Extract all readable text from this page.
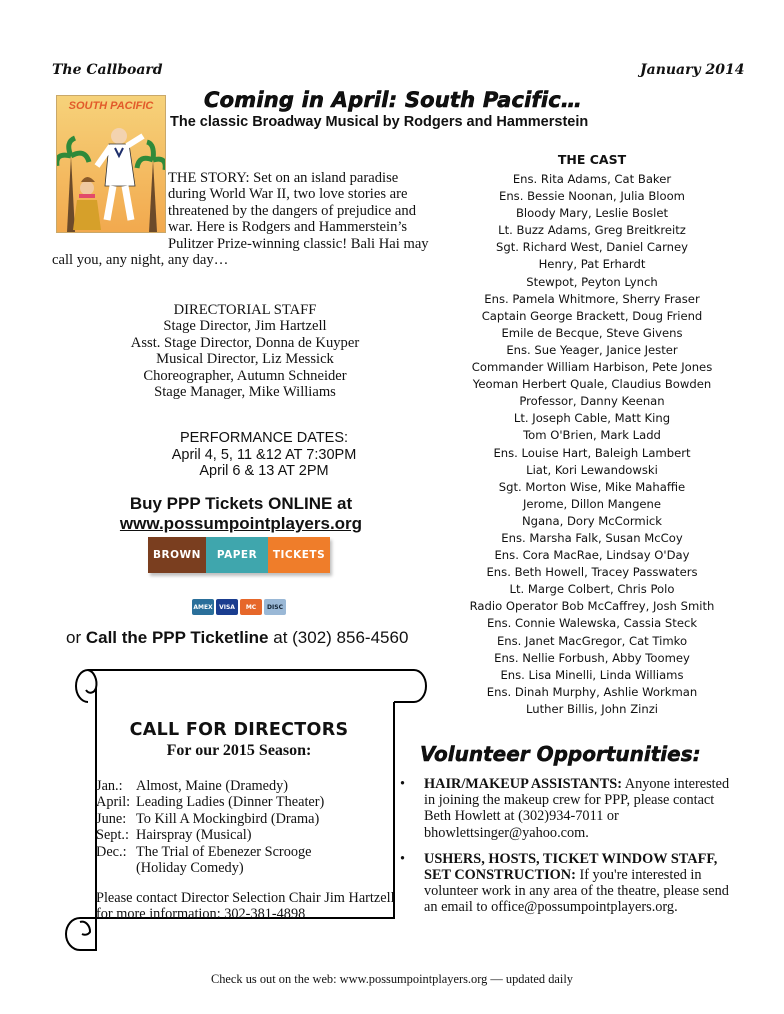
The Callboard	January 2014
Coming in April: South Pacific…
The classic Broadway Musical by Rodgers and Hammerstein
SOUTH PACIFIC
THE STORY: Set on an island paradise during World War II, two love stories are threatened by the dangers of prejudice and war. Here is Rodgers and Hammerstein’s Pulitzer Prize-winning classic! Bali Hai may call you, any night, any day…
DIRECTORIAL STAFF
Stage Director, Jim Hartzell
Asst. Stage Director, Donna de Kuyper
Musical Director, Liz Messick
Choreographer, Autumn Schneider
Stage Manager, Mike Williams
PERFORMANCE DATES:
April 4, 5, 11 &12 AT 7:30PM
April 6 & 13 AT 2PM
Buy PPP Tickets ONLINE at
www.possumpointplayers.org
BROWN	PAPER	TICKETS
AMEX	VISA	MC	DISC
or Call the PPP Ticketline at (302) 856-4560
CALL FOR DIRECTORS
For our 2015 Season:
Jan.:	Almost, Maine (Dramedy)
April:	Leading Ladies (Dinner Theater)
June:	To Kill A Mockingbird (Drama)
Sept.:	Hairspray (Musical)
Dec.:	The Trial of Ebenezer Scrooge
	(Holiday Comedy)
Please contact Director Selection Chair Jim Hartzell for more information: 302-381-4898
THE CAST
Ens. Rita Adams, Cat Baker
Ens. Bessie Noonan, Julia Bloom
Bloody Mary, Leslie Boslet
Lt. Buzz Adams, Greg Breitkreitz
Sgt. Richard West, Daniel Carney
Henry, Pat Erhardt
Stewpot, Peyton Lynch
Ens. Pamela Whitmore, Sherry Fraser
Captain George Brackett, Doug Friend
Emile de Becque, Steve Givens
Ens. Sue Yeager, Janice Jester
Commander William Harbison, Pete Jones
Yeoman Herbert Quale, Claudius Bowden
Professor, Danny Keenan
Lt. Joseph Cable, Matt King
Tom O'Brien, Mark Ladd
Ens. Louise Hart, Baleigh Lambert
Liat, Kori Lewandowski
Sgt. Morton Wise, Mike Mahaffie
Jerome, Dillon Mangene
Ngana, Dory McCormick
Ens. Marsha Falk, Susan McCoy
Ens. Cora MacRae, Lindsay O'Day
Ens. Beth Howell, Tracey Passwaters
Lt. Marge Colbert, Chris Polo
Radio Operator Bob McCaffrey, Josh Smith
Ens. Connie Walewska, Cassia Steck
Ens. Janet MacGregor, Cat Timko
Ens. Nellie Forbush, Abby Toomey
Ens. Lisa Minelli, Linda Williams
Ens. Dinah Murphy, Ashlie Workman
Luther Billis, John Zinzi
Volunteer Opportunities:
• HAIR/MAKEUP ASSISTANTS: Anyone interested in joining the makeup crew for PPP, please contact Beth Howlett at (302)934-7011 or bhowlettsinger@yahoo.com.
• USHERS, HOSTS, TICKET WINDOW STAFF, SET CONSTRUCTION: If you're interested in volunteer work in any area of the theatre, please send an email to office@possumpointplayers.org.
Check us out on the web: www.possumpointplayers.org — updated daily
